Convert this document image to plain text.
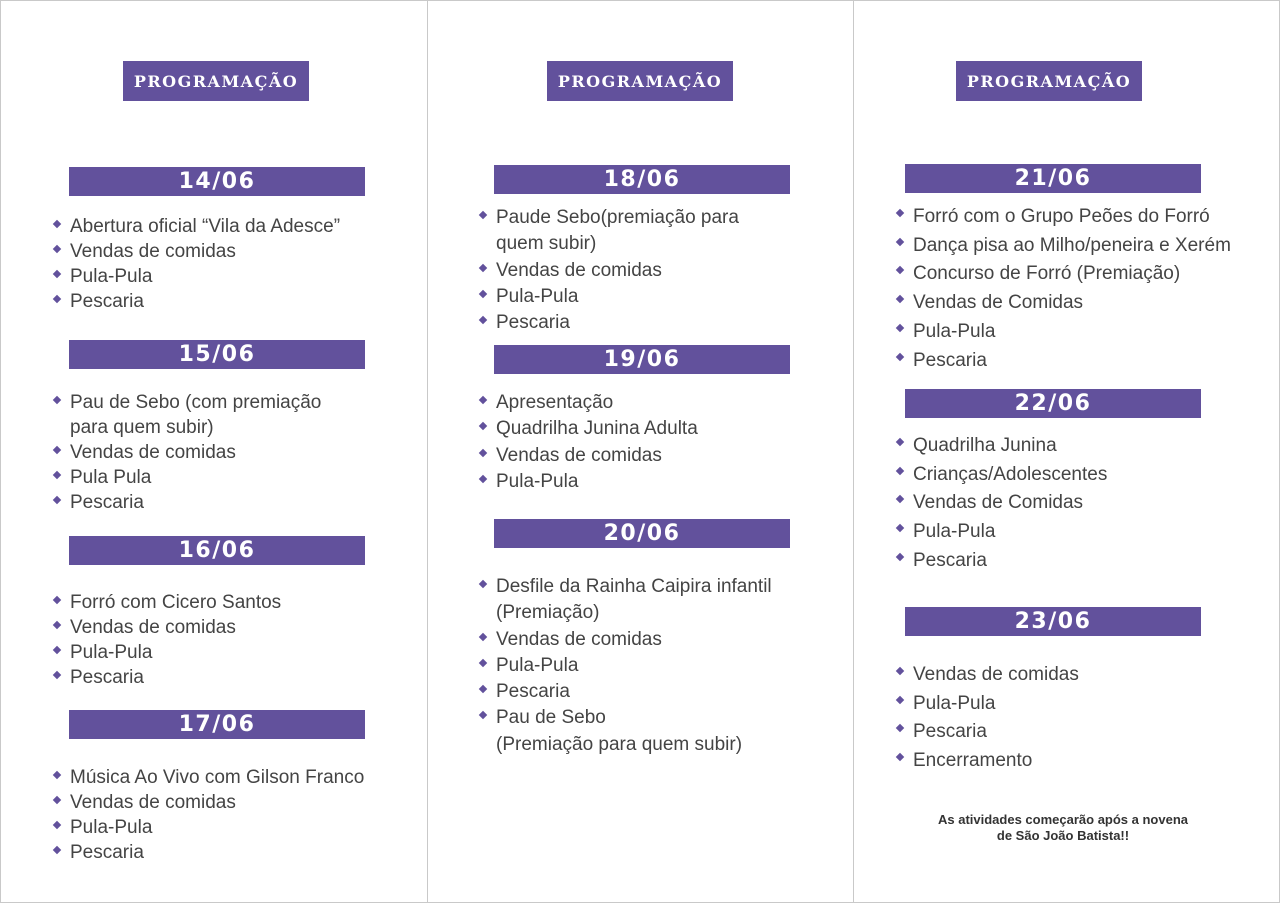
PROGRAMAÇÃO
14/06
Abertura oficial “Vila da Adesce”
Vendas de comidas
Pula-Pula
Pescaria
15/06
Pau de Sebo (com premiação
para quem subir)
Vendas de comidas
Pula Pula
Pescaria
16/06
Forró com Cicero Santos
Vendas de comidas
Pula-Pula
Pescaria
17/06
Música Ao Vivo com Gilson Franco
Vendas de comidas
Pula-Pula
Pescaria
PROGRAMAÇÃO
18/06
Paude Sebo(premiação para
quem subir)
Vendas de comidas
Pula-Pula
Pescaria
19/06
Apresentação
Quadrilha Junina Adulta
Vendas de comidas
Pula-Pula
20/06
Desfile da Rainha Caipira infantil
(Premiação)
Vendas de comidas
Pula-Pula
Pescaria
Pau de Sebo
(Premiação para quem subir)
PROGRAMAÇÃO
21/06
Forró com o Grupo Peões do Forró
Dança pisa ao Milho/peneira e Xerém
Concurso de Forró (Premiação)
Vendas de Comidas
Pula-Pula
Pescaria
22/06
Quadrilha Junina
Crianças/Adolescentes
Vendas de Comidas
Pula-Pula
Pescaria
23/06
Vendas de comidas
Pula-Pula
Pescaria
Encerramento
As atividades começarão após a novena
de São João Batista!!
